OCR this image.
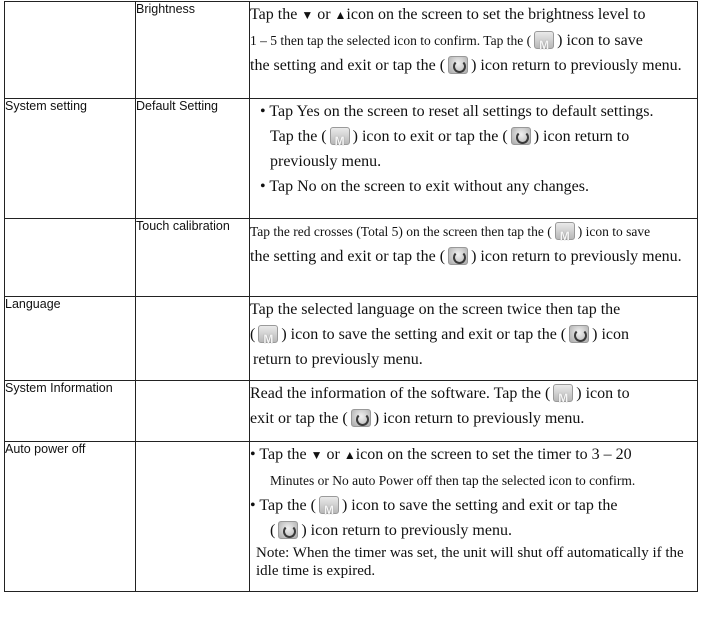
	Brightness	Tap the ▼ or ▲icon on the screen to set the brightness level to
1 – 5 then tap the selected icon to confirm. Tap the ( M ) icon to save
the setting and exit or tap the ( ) icon return to previously menu.

System setting	Default Setting	• Tap Yes on the screen to reset all settings to default settings.
Tap the ( M ) icon to exit or tap the ( ) icon return to
previously menu.
• Tap No on the screen to exit without any changes.

	Touch calibration	Tap the red crosses (Total 5) on the screen then tap the ( M ) icon to save
the setting and exit or tap the ( ) icon return to previously menu.

Language		Tap the selected language on the screen twice then tap the
( M ) icon to save the setting and exit or tap the ( ) icon
return to previously menu.

System Information		Read the information of the software. Tap the ( M ) icon to
exit or tap the ( ) icon return to previously menu.

Auto power off		• Tap the ▼ or ▲icon on the screen to set the timer to 3 – 20
Minutes or No auto Power off then tap the selected icon to confirm.
• Tap the ( M ) icon to save the setting and exit or tap the
( ) icon return to previously menu.
Note: When the timer was set, the unit will shut off automatically if the idle time is expired.
